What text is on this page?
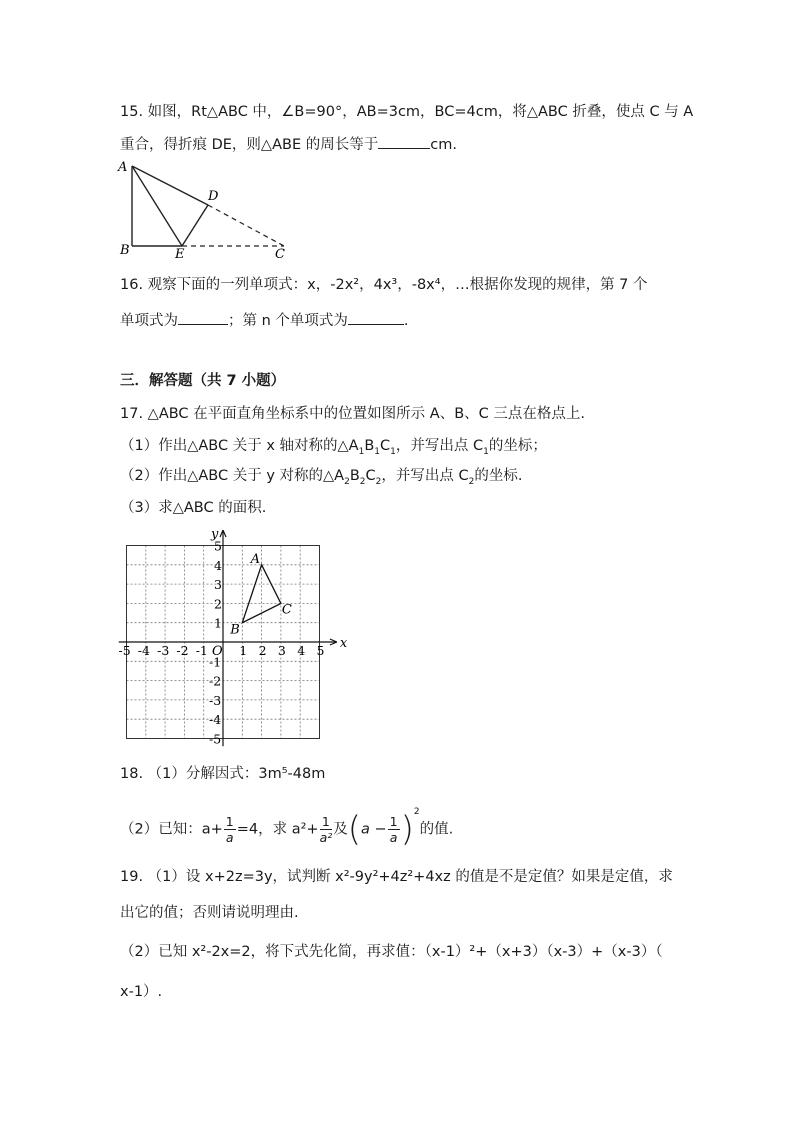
15. 如图，Rt△ABC 中，∠B=90°，AB=3cm，BC=4cm，将△ABC 折叠，使点 C 与 A
重合，得折痕 DE，则△ABE 的周长等于	cm.
A
B	E
D
C
16. 观察下面的一列单项式：x，-2x²，4x³，-8x⁴，…根据你发现的规律，第 7 个
单项式为	；第 n 个单项式为	.
三．解答题（共 7 小题）
17. △ABC 在平面直角坐标系中的位置如图所示 A、B、C 三点在格点上.
（1）作出△ABC 关于 x 轴对称的$\triangle A_1B_1C_1$，并写出点 $C_1$的坐标；
（2）作出△ABC 关于 y 对称的$\triangle A_2B_2C_2$，并写出点 $C_2$的坐标.
（3）求△ABC 的面积.
x
y
O
-5 -4 -3 -2 -1	1 2 3 4 5
5
4
3
2
1
-1
-2
-3
-4
-5
A
B
C
18. （1）分解因式：3m⁵-48m
（2）已知：$a+ \frac{1}{a} =4$，求 $a^2+ \frac{1}{\text{a²}}$ 及$(a - \frac{1}{a} )^2$的值.
19. （1）设 x+2z=3y，试判断 x²-9y²+4z²+4xz 的值是不是定值？如果是定值，求
出它的值；否则请说明理由.
（2）已知 x²-2x=2，将下式先化简，再求值：（x-1）²+（x+3）（x-3）+（x-3）（
x-1）.
